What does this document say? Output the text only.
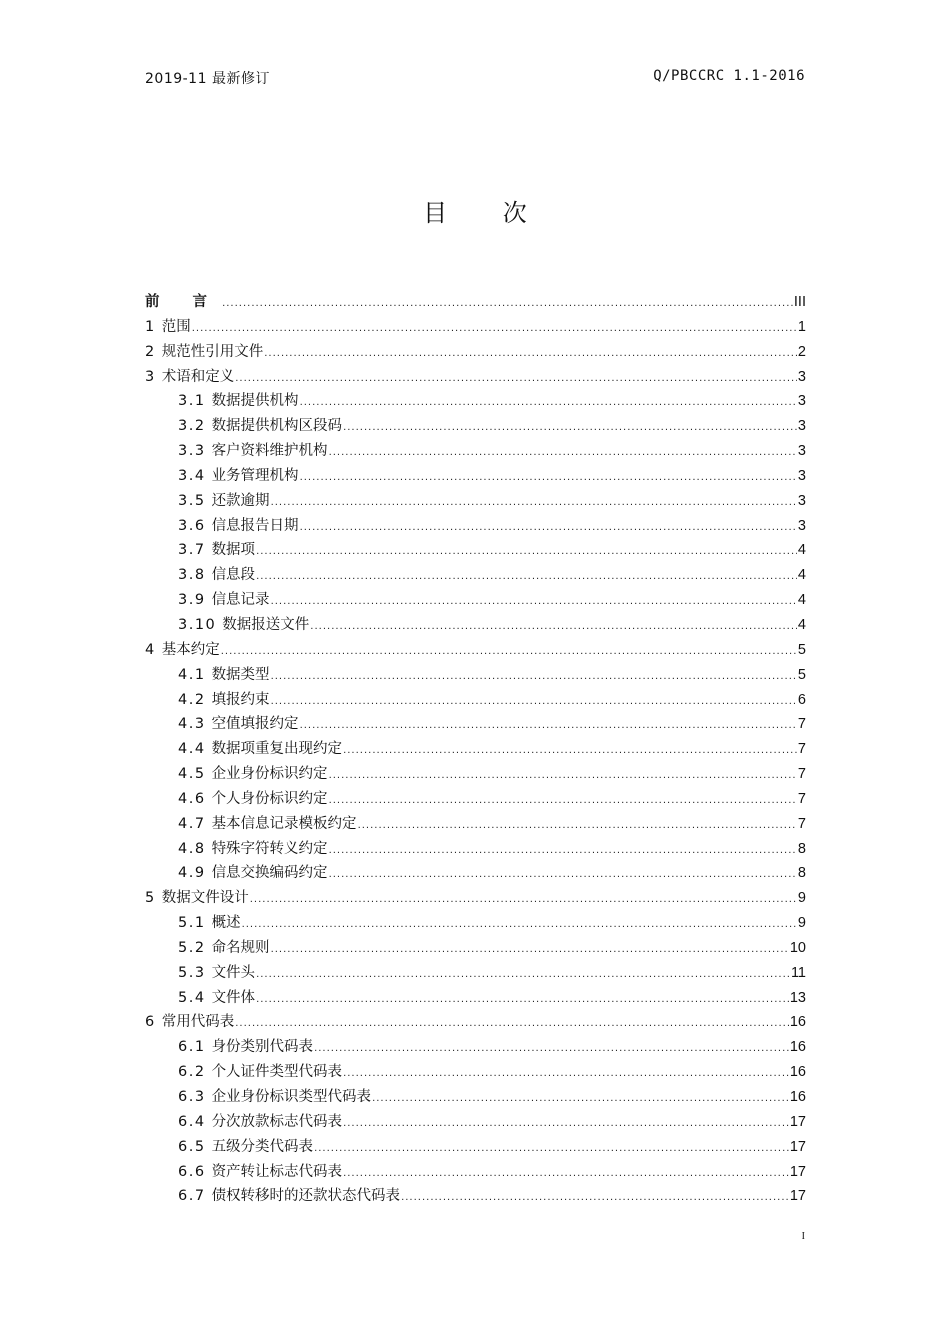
2019-11 最新修订	Q/PBCCRC 1.1-2016
目 次
前 言 .....	III
1 范围 .....	1
2 规范性引用文件 .....	2
3 术语和定义 .....	3
3.1 数据提供机构 .....	3
3.2 数据提供机构区段码 .....	3
3.3 客户资料维护机构 .....	3
3.4 业务管理机构 .....	3
3.5 还款逾期 .....	3
3.6 信息报告日期 .....	3
3.7 数据项 .....	4
3.8 信息段 .....	4
3.9 信息记录 .....	4
3.10 数据报送文件 .....	4
4 基本约定 .....	5
4.1 数据类型 .....	5
4.2 填报约束 .....	6
4.3 空值填报约定 .....	7
4.4 数据项重复出现约定 .....	7
4.5 企业身份标识约定 .....	7
4.6 个人身份标识约定 .....	7
4.7 基本信息记录模板约定 .....	7
4.8 特殊字符转义约定 .....	8
4.9 信息交换编码约定 .....	8
5 数据文件设计 .....	9
5.1 概述 .....	9
5.2 命名规则 .....	10
5.3 文件头 .....	11
5.4 文件体 .....	13
6 常用代码表 .....	16
6.1 身份类别代码表 .....	16
6.2 个人证件类型代码表 .....	16
6.3 企业身份标识类型代码表 .....	16
6.4 分次放款标志代码表 .....	17
6.5 五级分类代码表 .....	17
6.6 资产转让标志代码表 .....	17
6.7 债权转移时的还款状态代码表 .....	17
I
